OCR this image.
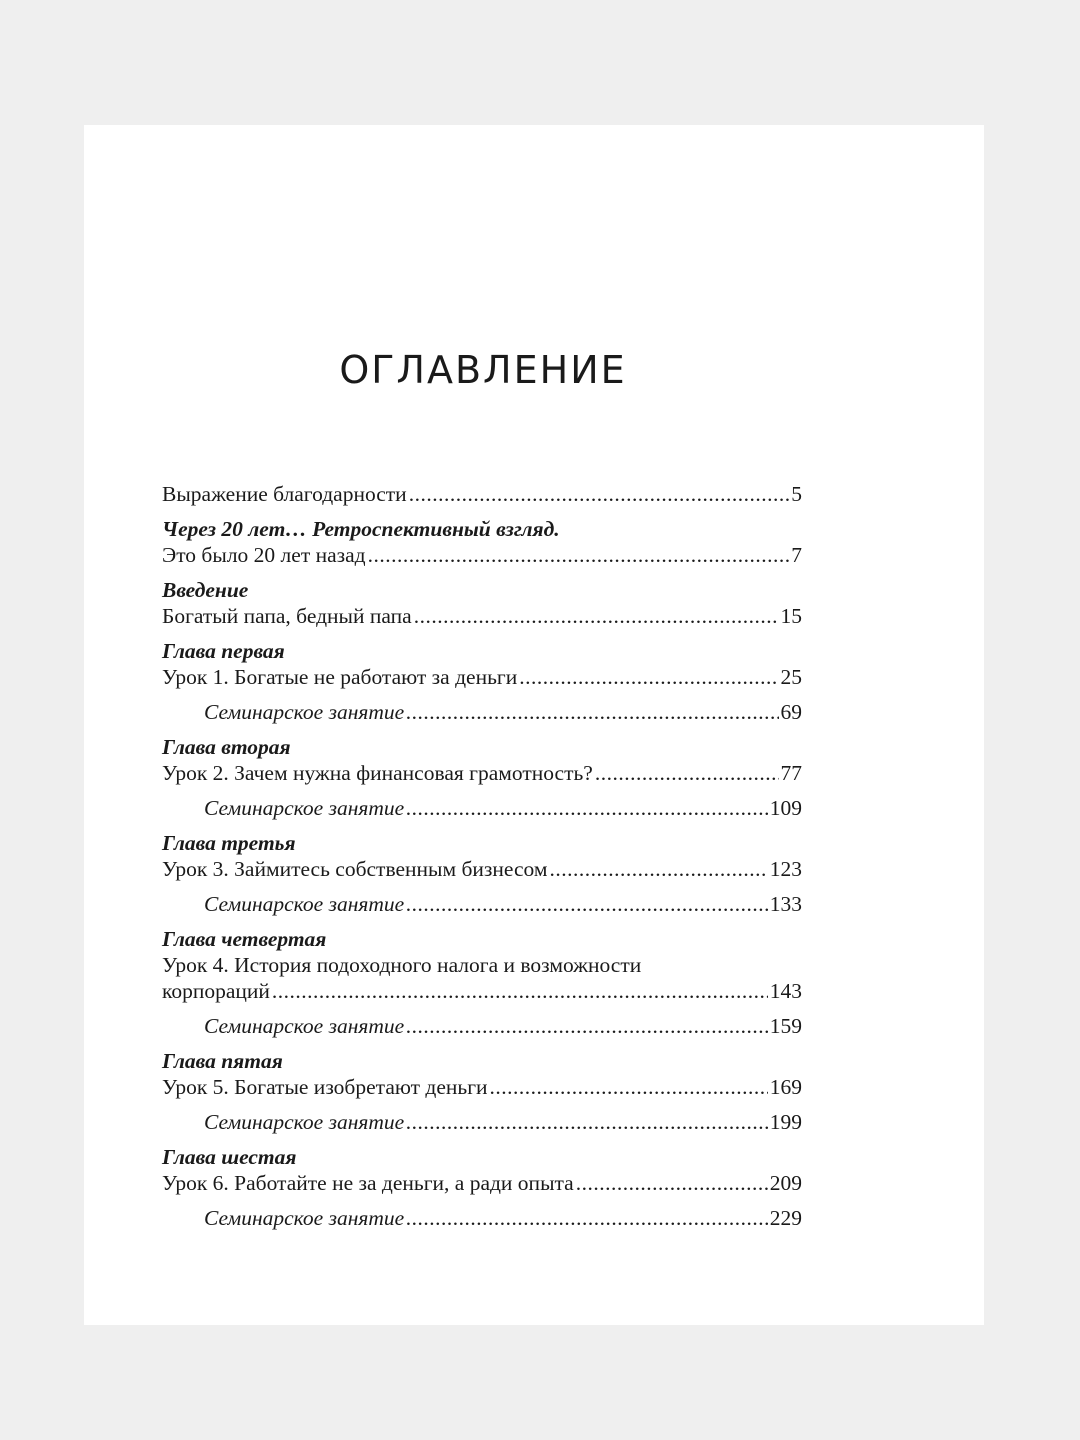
ОГЛАВЛЕНИЕ
Выражение благодарности .....	5
Через 20 лет… Ретроспективный взгляд.
Это было 20 лет назад .....	7
Введение
Богатый папа, бедный папа .....	15
Глава первая
Урок 1. Богатые не работают за деньги .....	25
Семинарское занятие .....	69
Глава вторая
Урок 2. Зачем нужна финансовая грамотность? .....	77
Семинарское занятие .....	109
Глава третья
Урок 3. Займитесь собственным бизнесом .....	123
Семинарское занятие .....	133
Глава четвертая
Урок 4. История подоходного налога и возможности
корпораций .....	143
Семинарское занятие .....	159
Глава пятая
Урок 5. Богатые изобретают деньги .....	169
Семинарское занятие .....	199
Глава шестая
Урок 6. Работайте не за деньги, а ради опыта .....	209
Семинарское занятие .....	229
